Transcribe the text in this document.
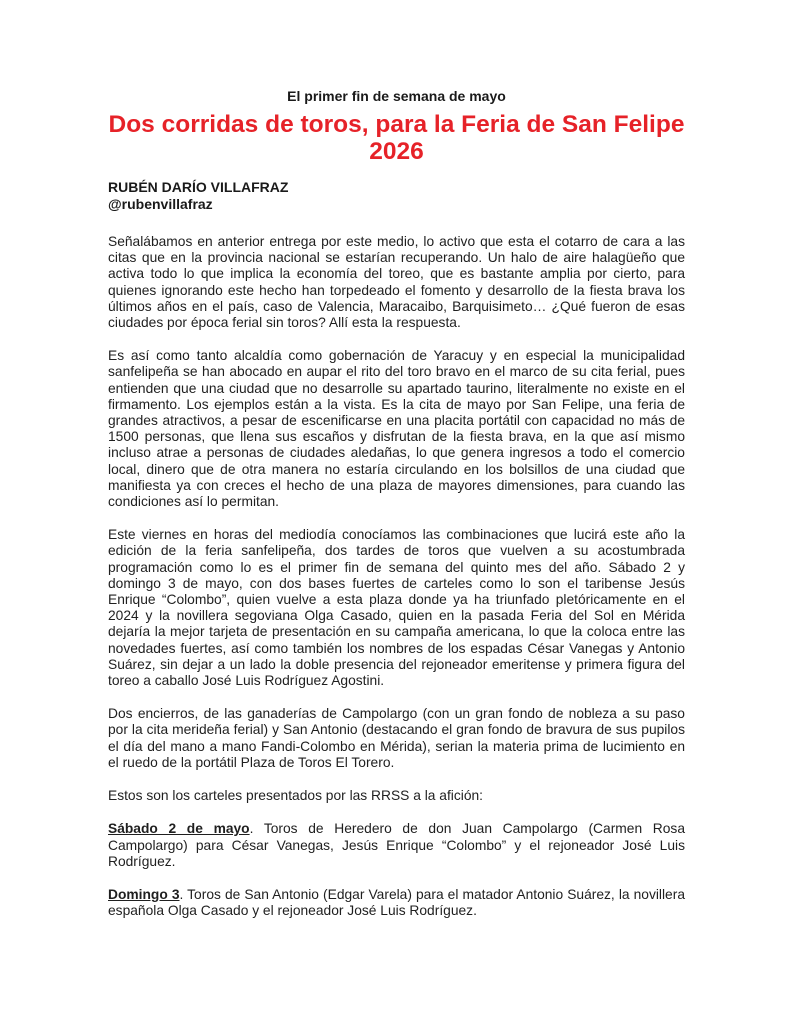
El primer fin de semana de mayo

Dos corridas de toros, para la Feria de San Felipe 2026
RUBÉN DARÍO VILLAFRAZ
@rubenvillafraz

Señalábamos en anterior entrega por este medio, lo activo que esta el cotarro de cara a las citas que en la provincia nacional se estarían recuperando. Un halo de aire halagüeño que activa todo lo que implica la economía del toreo, que es bastante amplia por cierto, para quienes ignorando este hecho han torpedeado el fomento y desarrollo de la fiesta brava los últimos años en el país, caso de Valencia, Maracaibo, Barquisimeto… ¿Qué fueron de esas ciudades por época ferial sin toros? Allí esta la respuesta.

Es así como tanto alcaldía como gobernación de Yaracuy y en especial la municipalidad sanfelipeña se han abocado en aupar el rito del toro bravo en el marco de su cita ferial, pues entienden que una ciudad que no desarrolle su apartado taurino, literalmente no existe en el firmamento. Los ejemplos están a la vista. Es la cita de mayo por San Felipe, una feria de grandes atractivos, a pesar de escenificarse en una placita portátil con capacidad no más de 1500 personas, que llena sus escaños y disfrutan de la fiesta brava, en la que así mismo incluso atrae a personas de ciudades aledañas, lo que genera ingresos a todo el comercio local, dinero que de otra manera no estaría circulando en los bolsillos de una ciudad que manifiesta ya con creces el hecho de una plaza de mayores dimensiones, para cuando las condiciones así lo permitan.

Este viernes en horas del mediodía conocíamos las combinaciones que lucirá este año la edición de la feria sanfelipeña, dos tardes de toros que vuelven a su acostumbrada programación como lo es el primer fin de semana del quinto mes del año. Sábado 2 y domingo 3 de mayo, con dos bases fuertes de carteles como lo son el taribense Jesús Enrique “Colombo”, quien vuelve a esta plaza donde ya ha triunfado pletóricamente en el 2024 y la novillera segoviana Olga Casado, quien en la pasada Feria del Sol en Mérida dejaría la mejor tarjeta de presentación en su campaña americana, lo que la coloca entre las novedades fuertes, así como también los nombres de los espadas César Vanegas y Antonio Suárez, sin dejar a un lado la doble presencia del rejoneador emeritense y primera figura del toreo a caballo José Luis Rodríguez Agostini.

Dos encierros, de las ganaderías de Campolargo (con un gran fondo de nobleza a su paso por la cita merideña ferial) y San Antonio (destacando el gran fondo de bravura de sus pupilos el día del mano a mano Fandi-Colombo en Mérida), serian la materia prima de lucimiento en el ruedo de la portátil Plaza de Toros El Torero.

Estos son los carteles presentados por las RRSS a la afición:

Sábado 2 de mayo. Toros de Heredero de don Juan Campolargo (Carmen Rosa Campolargo) para César Vanegas, Jesús Enrique “Colombo” y el rejoneador José Luis Rodríguez.

Domingo 3. Toros de San Antonio (Edgar Varela) para el matador Antonio Suárez, la novillera española Olga Casado y el rejoneador José Luis Rodríguez.
